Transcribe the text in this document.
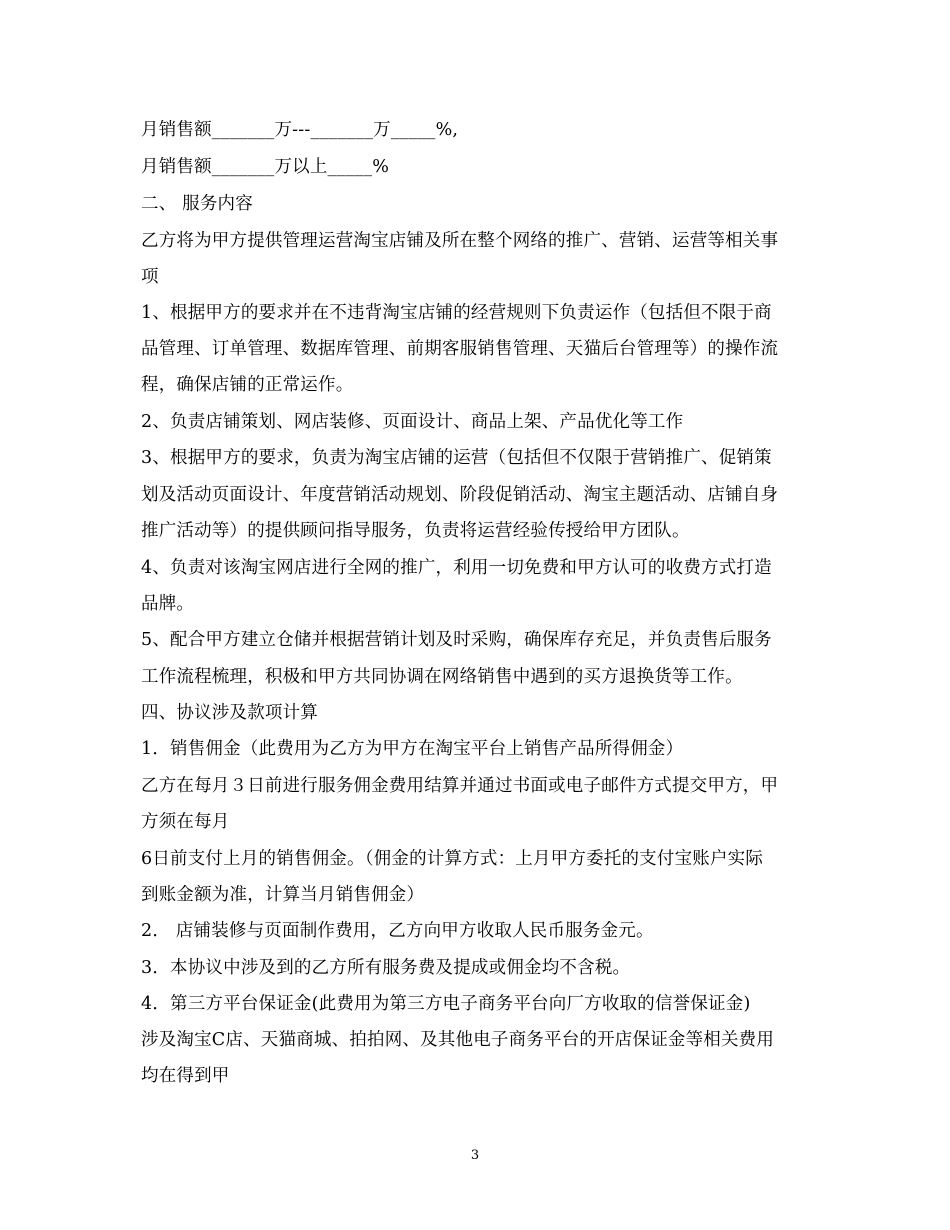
月销售额_______万---_______万_____%,
月销售额_______万以上_____%
二、 服务内容
乙方将为甲方提供管理运营淘宝店铺及所在整个网络的推广、营销、运营等相关事
项
1、根据甲方的要求并在不违背淘宝店铺的经营规则下负责运作（包括但不限于商
品管理、订单管理、数据库管理、前期客服销售管理、天猫后台管理等）的操作流
程，确保店铺的正常运作。
2、负责店铺策划、网店装修、页面设计、商品上架、产品优化等工作
3、根据甲方的要求，负责为淘宝店铺的运营（包括但不仅限于营销推广、促销策
划及活动页面设计、年度营销活动规划、阶段促销活动、淘宝主题活动、店铺自身
推广活动等）的提供顾问指导服务，负责将运营经验传授给甲方团队。
4、负责对该淘宝网店进行全网的推广，利用一切免费和甲方认可的收费方式打造
品牌。
5、配合甲方建立仓储并根据营销计划及时采购，确保库存充足，并负责售后服务
工作流程梳理，积极和甲方共同协调在网络销售中遇到的买方退换货等工作。
四、协议涉及款项计算
1．销售佣金（此费用为乙方为甲方在淘宝平台上销售产品所得佣金）
乙方在每月３日前进行服务佣金费用结算并通过书面或电子邮件方式提交甲方，甲
方须在每月
6日前支付上月的销售佣金。（佣金的计算方式：上月甲方委托的支付宝账户实际
到账金额为准，计算当月销售佣金）
2． 店铺装修与页面制作费用，乙方向甲方收取人民币服务金元。
3．本协议中涉及到的乙方所有服务费及提成或佣金均不含税。
4．第三方平台保证金(此费用为第三方电子商务平台向厂方收取的信誉保证金)
涉及淘宝C店、天猫商城、拍拍网、及其他电子商务平台的开店保证金等相关费用
均在得到甲
3
